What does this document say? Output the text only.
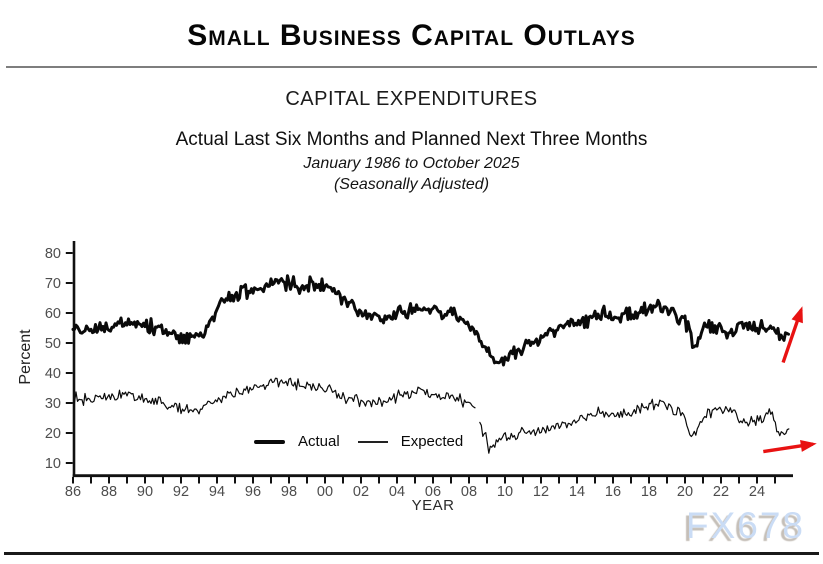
Small Business Capital Outlays
CAPITAL EXPENDITURES
Actual Last Six Months and Planned Next Three Months
January 1986 to October 2025
(Seasonally Adjusted)
10
20
30
40
50
60
70
80
86 88 90 92 94 96 98 00 02 04 06 08 10 12 14 16 18 20 22 24
Percent
YEAR
Actual	Expected
FX678
